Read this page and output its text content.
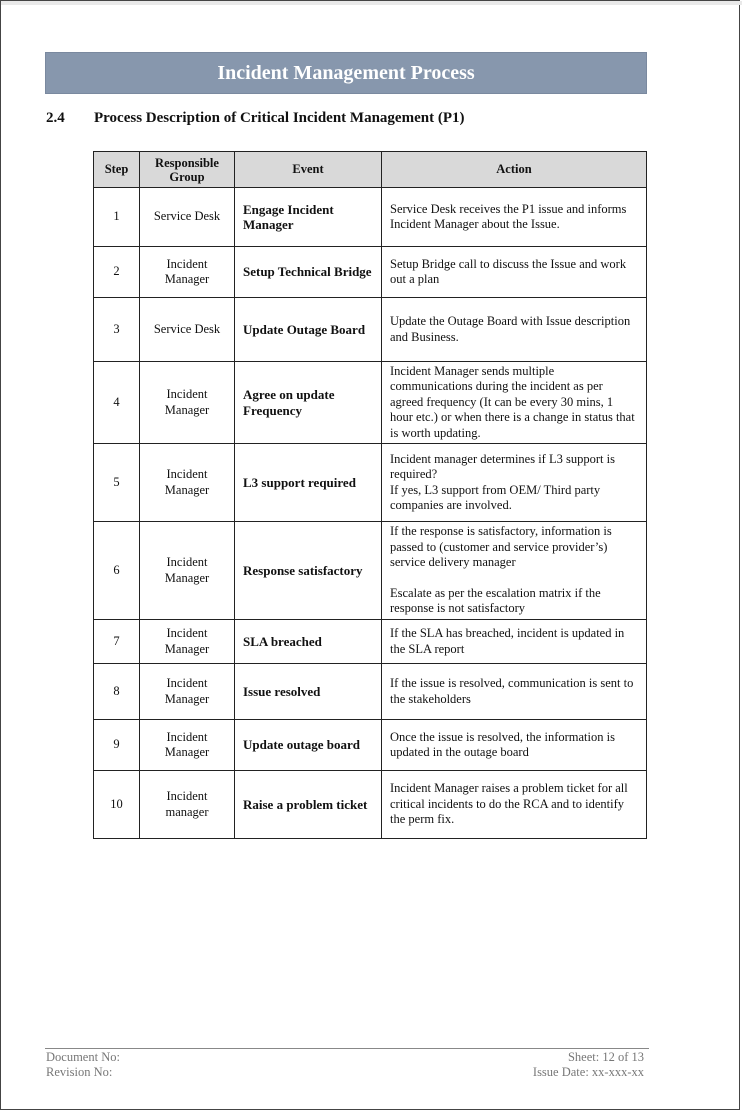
Incident Management Process
2.4	Process Description of Critical Incident Management (P1)
Step	Responsible Group	Event	Action
1	Service Desk	Engage Incident Manager	Service Desk receives the P1 issue and informs Incident Manager about the Issue.

2	Incident Manager	Setup Technical Bridge	Setup Bridge call to discuss the Issue and work out a plan

3	Service Desk	Update Outage Board	Update the Outage Board with Issue description and Business.

4	Incident Manager	Agree on update Frequency	Incident Manager sends multiple communications during the incident as per agreed frequency (It can be every 30 mins, 1 hour etc.) or when there is a change in status that is worth updating.

5	Incident Manager	L3 support required	Incident manager determines if L3 support is required?
If yes, L3 support from OEM/ Third party companies are involved.

6	Incident Manager	Response satisfactory	If the response is satisfactory, information is passed to (customer and service provider’s) service delivery manager
Escalate as per the escalation matrix if the response is not satisfactory

7	Incident Manager	SLA breached	If the SLA has breached, incident is updated in the SLA report

8	Incident Manager	Issue resolved	If the issue is resolved, communication is sent to the stakeholders

9	Incident Manager	Update outage board	Once the issue is resolved, the information is updated in the outage board

10	Incident manager	Raise a problem ticket	Incident Manager raises a problem ticket for all critical incidents to do the RCA and to identify the perm fix.
Document No:
Revision No:
Sheet: 12 of 13
Issue Date: xx-xxx-xx
